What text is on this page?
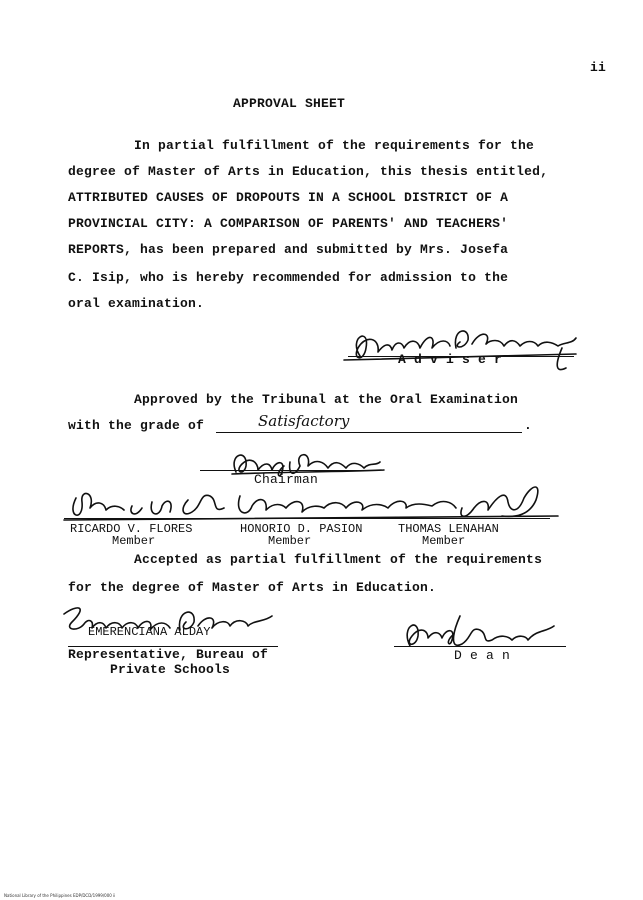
ii
APPROVAL SHEET
In partial fulfillment of the requirements for the
degree of Master of Arts in Education, this thesis entitled,
ATTRIBUTED CAUSES OF DROPOUTS IN A SCHOOL DISTRICT OF A
PROVINCIAL CITY: A COMPARISON OF PARENTS' AND TEACHERS'
REPORTS, has been prepared and submitted by Mrs. Josefa
C. Isip, who is hereby recommended for admission to the
oral examination.
A d v i s e r
Approved by the Tribunal at the Oral Examination
with the grade of	Satisfactory	.
Chairman
RICARDO V. FLORES
Member
HONORIO D. PASION
Member
THOMAS LENAHAN
Member
Accepted as partial fulfillment of the requirements
for the degree of Master of Arts in Education.
EMERENCIANA ALDAY
Representative, Bureau of
Private Schools
D e a n
National Library of the Philippines EDP/DCD/1999/000 ii
